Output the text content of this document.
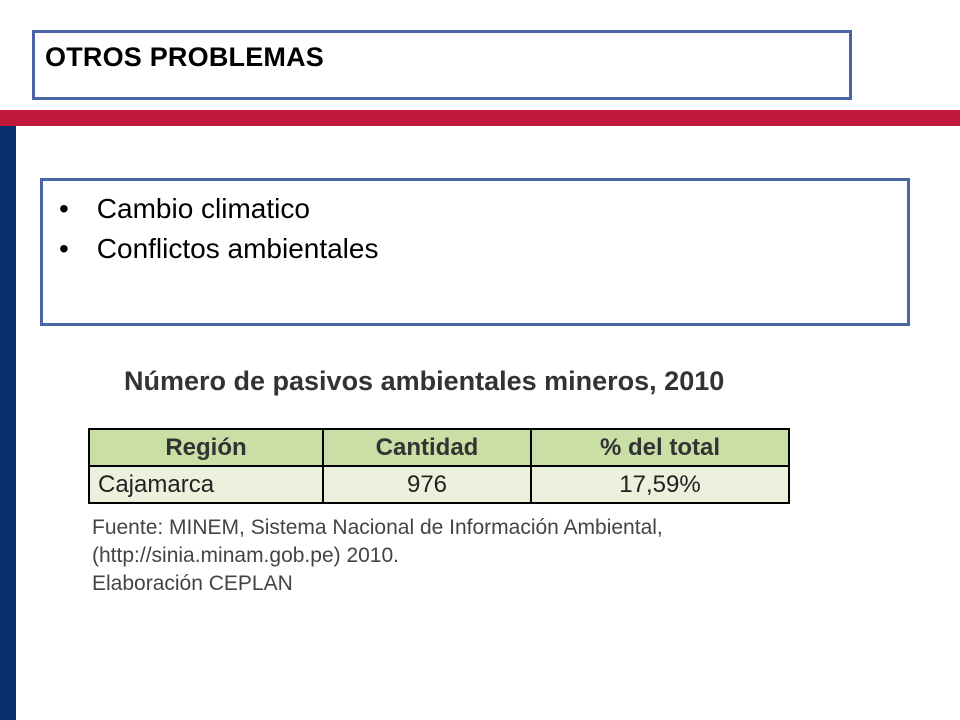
OTROS PROBLEMAS
• Cambio climatico
• Conflictos ambientales
Número de pasivos ambientales mineros, 2010
Región	Cantidad	% del total
Cajamarca	976	17,59%
Fuente: MINEM, Sistema Nacional de Información Ambiental,
(http://sinia.minam.gob.pe) 2010.
Elaboración CEPLAN
